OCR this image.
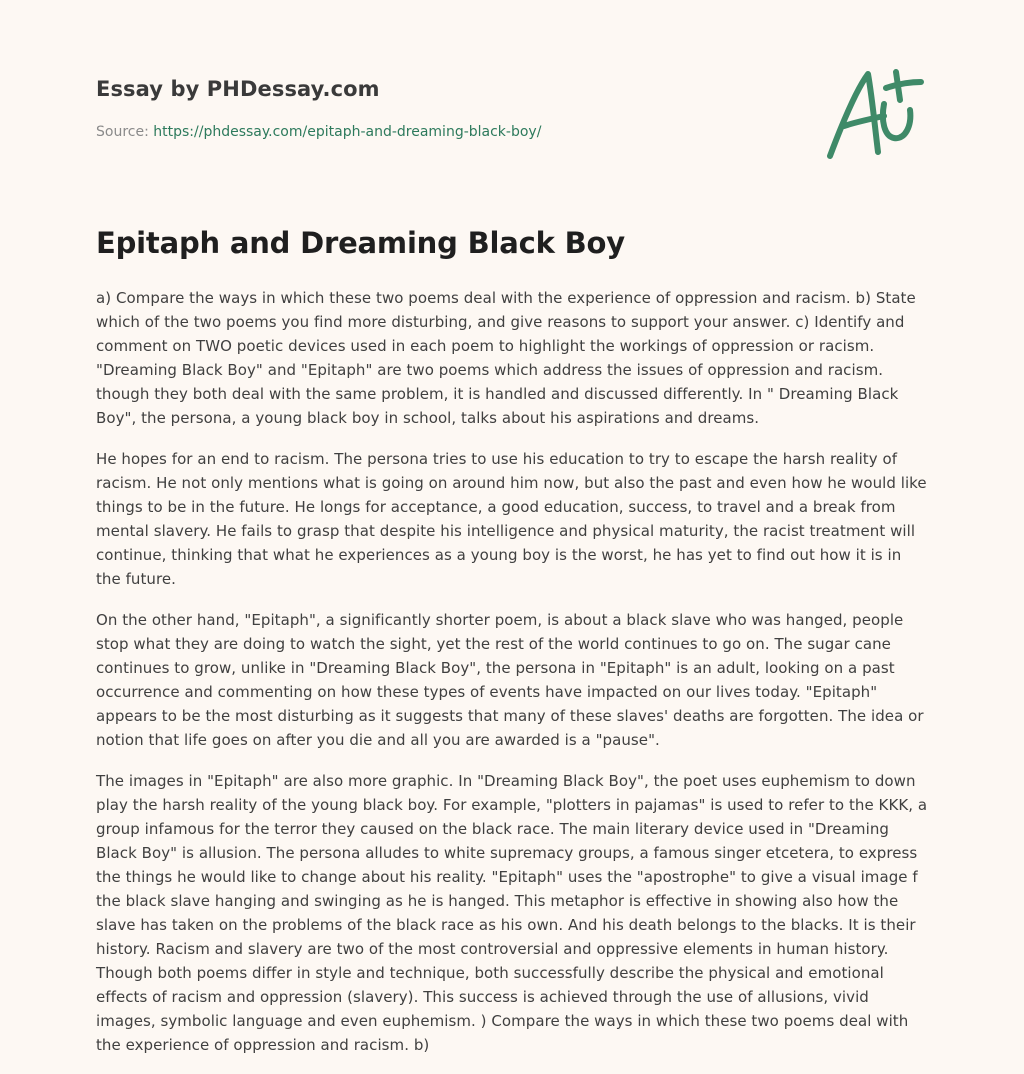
Essay by PHDessay.com
Source: https://phdessay.com/epitaph-and-dreaming-black-boy/
Epitaph and Dreaming Black Boy

a) Compare the ways in which these two poems deal with the experience of oppression and racism. b) State which of the two poems you find more disturbing, and give reasons to support your answer. c) Identify and comment on TWO poetic devices used in each poem to highlight the workings of oppression or racism. "Dreaming Black Boy" and "Epitaph" are two poems which address the issues of oppression and racism. though they both deal with the same problem, it is handled and discussed differently. In " Dreaming Black Boy", the persona, a young black boy in school, talks about his aspirations and dreams.

He hopes for an end to racism. The persona tries to use his education to try to escape the harsh reality of racism. He not only mentions what is going on around him now, but also the past and even how he would like things to be in the future. He longs for acceptance, a good education, success, to travel and a break from mental slavery. He fails to grasp that despite his intelligence and physical maturity, the racist treatment will continue, thinking that what he experiences as a young boy is the worst, he has yet to find out how it is in the future.

On the other hand, "Epitaph", a significantly shorter poem, is about a black slave who was hanged, people stop what they are doing to watch the sight, yet the rest of the world continues to go on. The sugar cane continues to grow, unlike in "Dreaming Black Boy", the persona in "Epitaph" is an adult, looking on a past occurrence and commenting on how these types of events have impacted on our lives today. "Epitaph" appears to be the most disturbing as it suggests that many of these slaves' deaths are forgotten. The idea or notion that life goes on after you die and all you are awarded is a "pause".

The images in "Epitaph" are also more graphic. In "Dreaming Black Boy", the poet uses euphemism to down play the harsh reality of the young black boy. For example, "plotters in pajamas" is used to refer to the KKK, a group infamous for the terror they caused on the black race. The main literary device used in "Dreaming Black Boy" is allusion. The persona alludes to white supremacy groups, a famous singer etcetera, to express the things he would like to change about his reality. "Epitaph" uses the "apostrophe" to give a visual image f the black slave hanging and swinging as he is hanged. This metaphor is effective in showing also how the slave has taken on the problems of the black race as his own. And his death belongs to the blacks. It is their history. Racism and slavery are two of the most controversial and oppressive elements in human history. Though both poems differ in style and technique, both successfully describe the physical and emotional effects of racism and oppression (slavery). This success is achieved through the use of allusions, vivid images, symbolic language and even euphemism. ) Compare the ways in which these two poems deal with the experience of oppression and racism. b)
